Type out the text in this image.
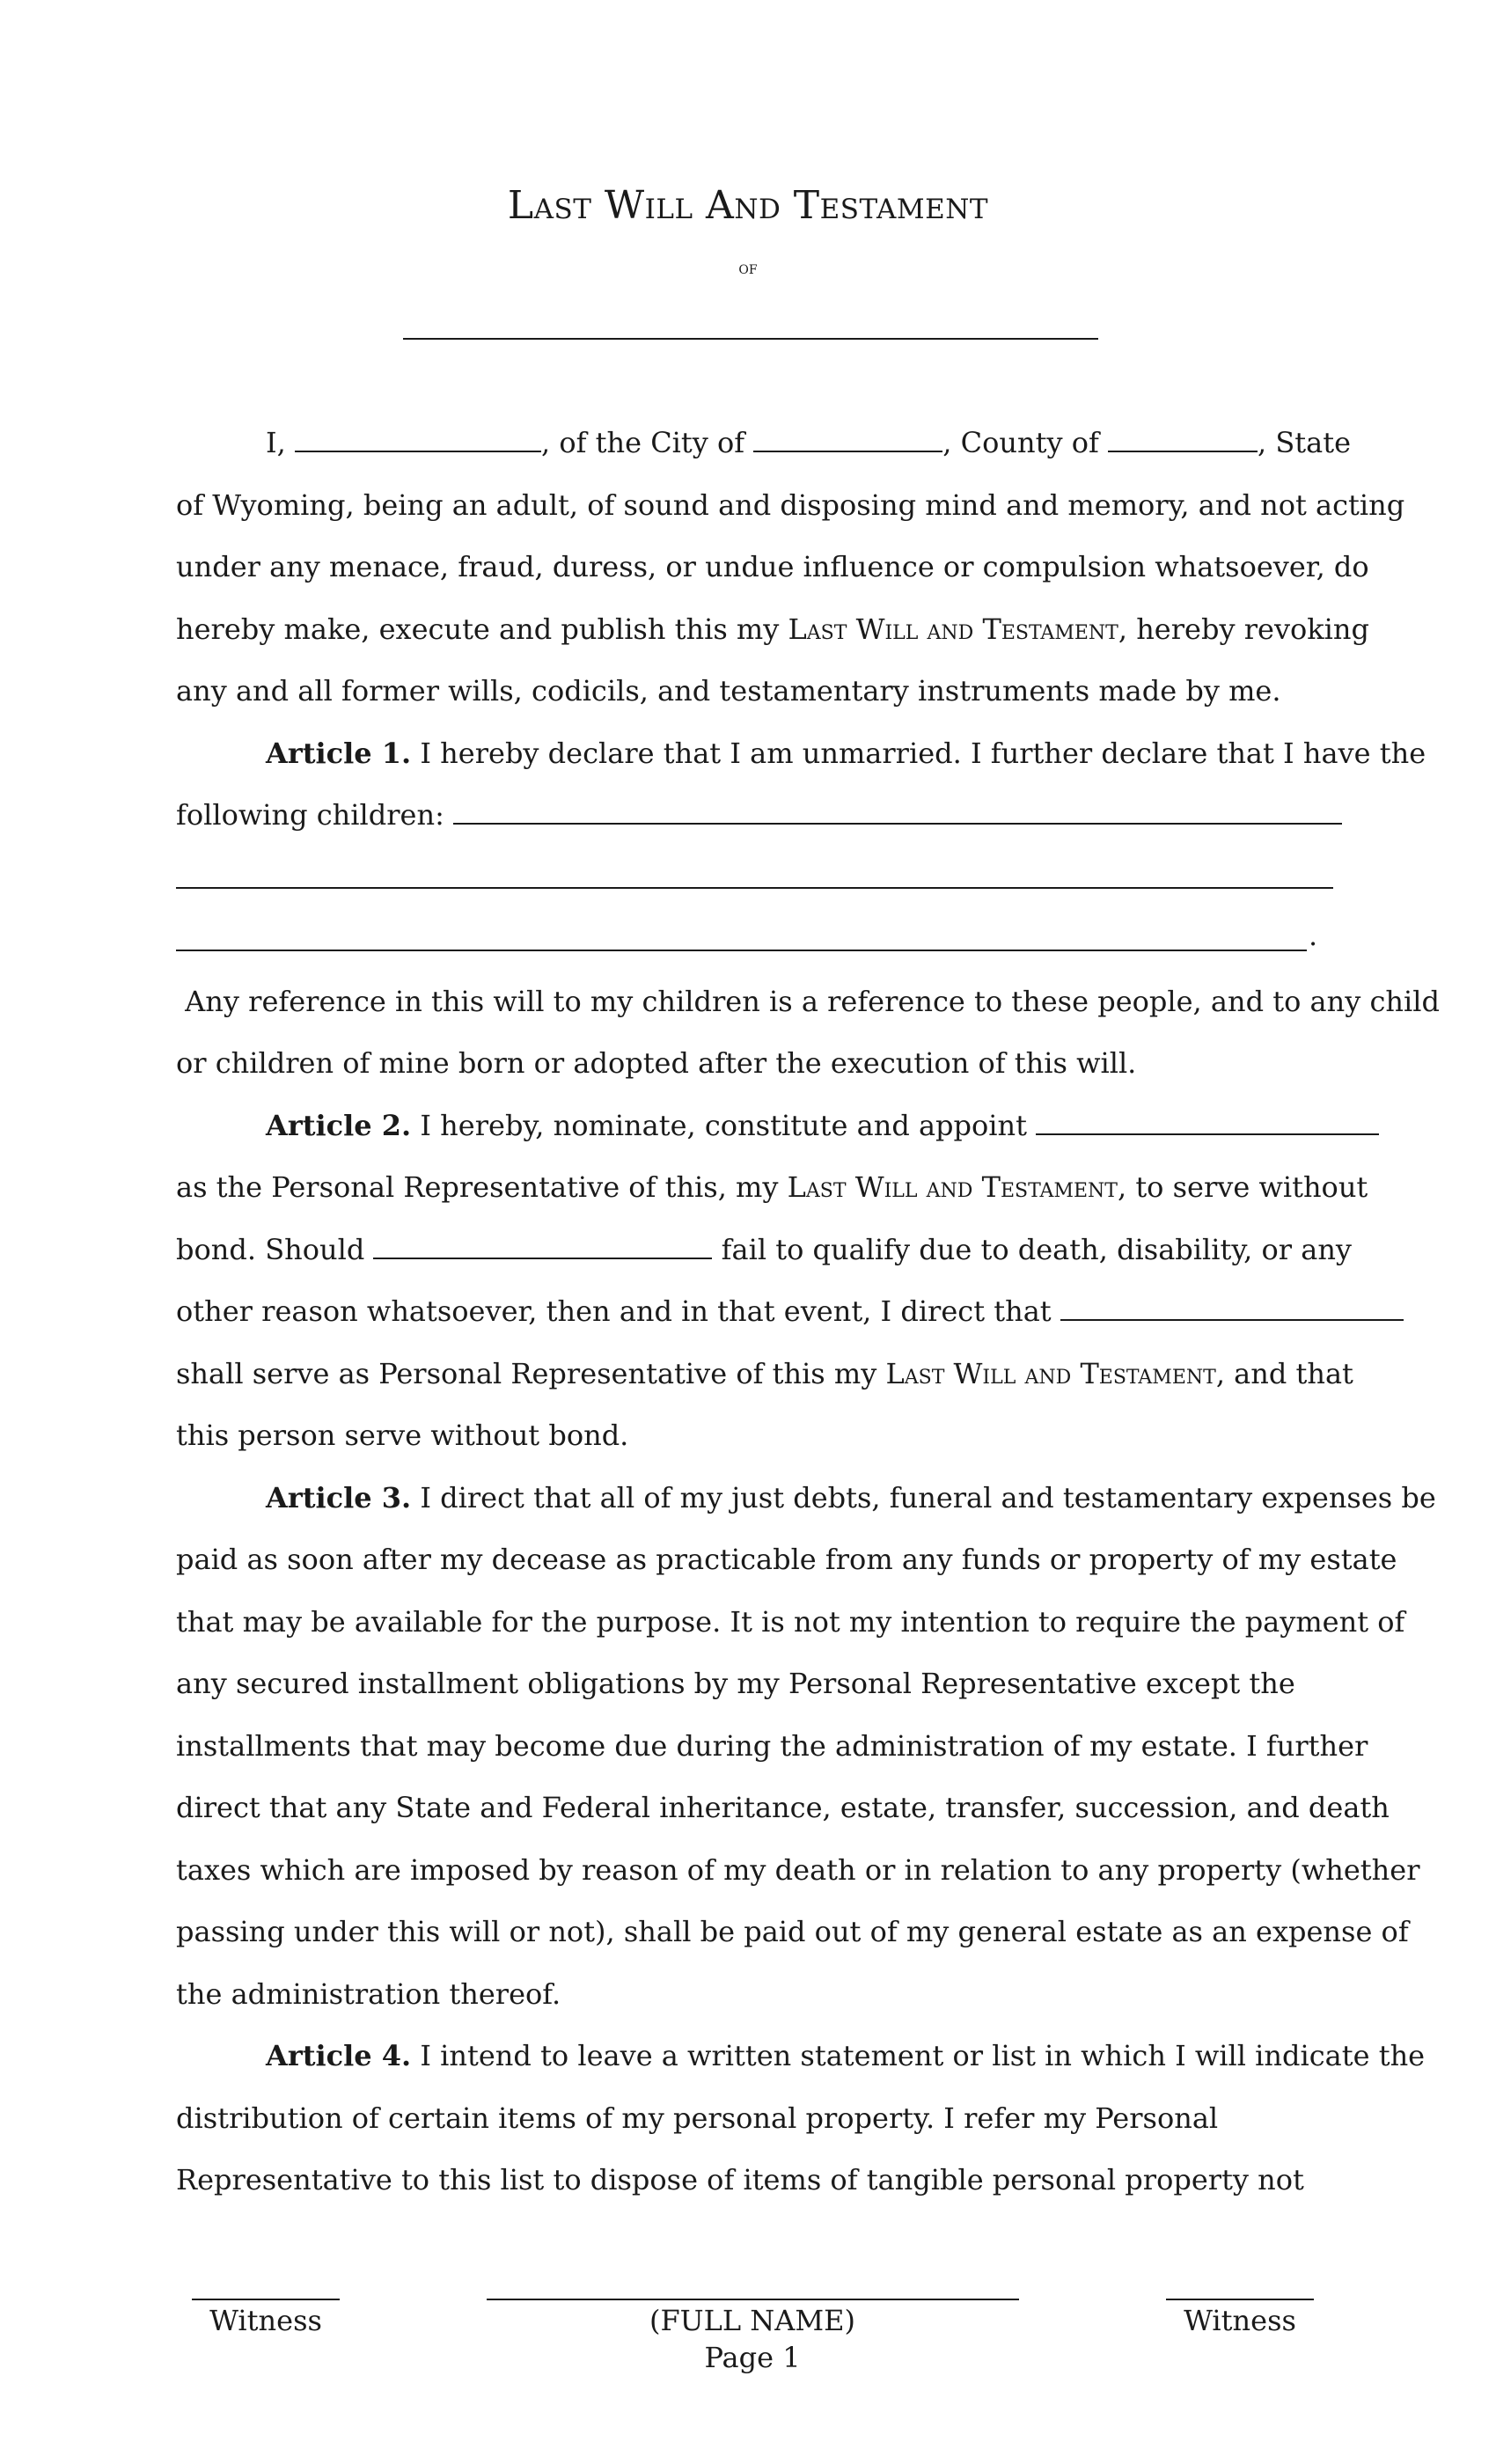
Last Will And Testament
of
I,	, of the City of	, County of	, State
of Wyoming, being an adult, of sound and disposing mind and memory, and not acting
under any menace, fraud, duress, or undue influence or compulsion whatsoever, do
hereby make, execute and publish this my Last Will and Testament, hereby revoking
any and all former wills, codicils, and testamentary instruments made by me.
Article 1. I hereby declare that I am unmarried. I further declare that I have the
following children:
.
Any reference in this will to my children is a reference to these people, and to any child
or children of mine born or adopted after the execution of this will.
Article 2. I hereby, nominate, constitute and appoint
as the Personal Representative of this, my Last Will and Testament, to serve without
bond. Should	fail to qualify due to death, disability, or any
other reason whatsoever, then and in that event, I direct that
shall serve as Personal Representative of this my Last Will and Testament, and that
this person serve without bond.
Article 3. I direct that all of my just debts, funeral and testamentary expenses be
paid as soon after my decease as practicable from any funds or property of my estate
that may be available for the purpose. It is not my intention to require the payment of
any secured installment obligations by my Personal Representative except the
installments that may become due during the administration of my estate. I further
direct that any State and Federal inheritance, estate, transfer, succession, and death
taxes which are imposed by reason of my death or in relation to any property (whether
passing under this will or not), shall be paid out of my general estate as an expense of
the administration thereof.
Article 4. I intend to leave a written statement or list in which I will indicate the
distribution of certain items of my personal property. I refer my Personal
Representative to this list to dispose of items of tangible personal property not
Witness	(FULL NAME)	Witness
Page 1
